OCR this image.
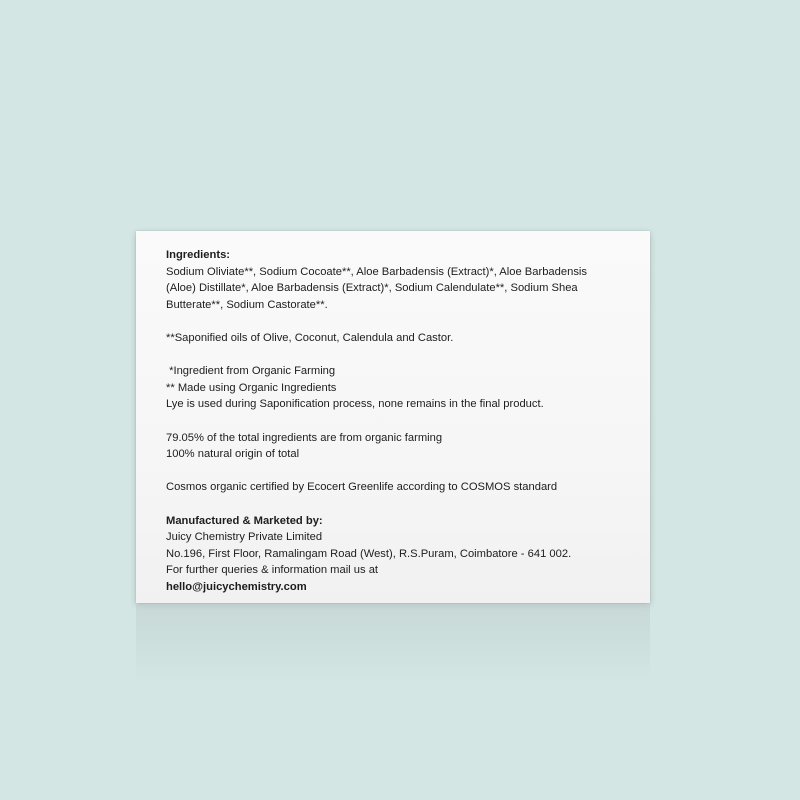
Ingredients:

Sodium Oliviate**, Sodium Cocoate**, Aloe Barbadensis (Extract)*, Aloe Barbadensis

(Aloe) Distillate*, Aloe Barbadensis (Extract)*, Sodium Calendulate**, Sodium Shea

Butterate**, Sodium Castorate**.

**Saponified oils of Olive, Coconut, Calendula and Castor.

*Ingredient from Organic Farming

** Made using Organic Ingredients

Lye is used during Saponification process, none remains in the final product.

79.05% of the total ingredients are from organic farming

100% natural origin of total

Cosmos organic certified by Ecocert Greenlife according to COSMOS standard

Manufactured & Marketed by:

Juicy Chemistry Private Limited

No.196, First Floor, Ramalingam Road (West), R.S.Puram, Coimbatore - 641 002.

For further queries & information mail us at

hello@juicychemistry.com
